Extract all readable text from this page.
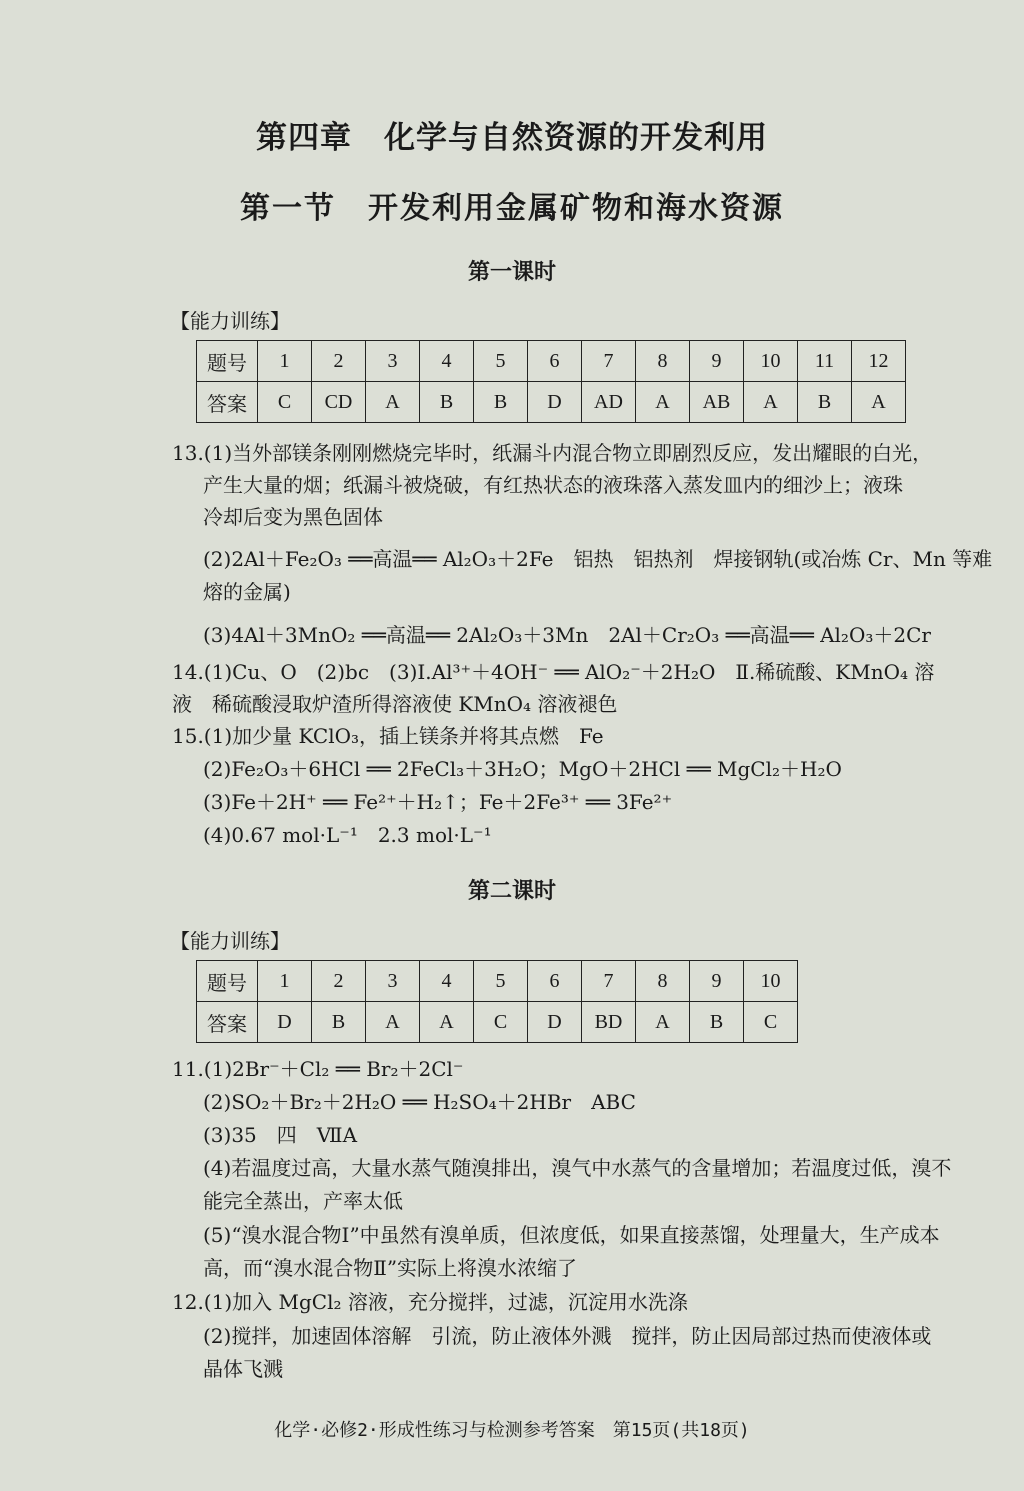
第四章　化学与自然资源的开发利用
第一节　开发利用金属矿物和海水资源
第一课时
【能力训练】
题号	1	2	3	4	5	6	7	8	9	10	11	12
答案	C	CD	A	B	B	D	AD	A	AB	A	B	A
13.(1)当外部镁条刚刚燃烧完毕时，纸漏斗内混合物立即剧烈反应，发出耀眼的白光，
产生大量的烟；纸漏斗被烧破，有红热状态的液珠落入蒸发皿内的细沙上；液珠
冷却后变为黑色固体
(2)2Al＋Fe₂O₃ ══高温══ Al₂O₃＋2Fe　铝热　铝热剂　焊接钢轨(或冶炼 Cr、Mn 等难
熔的金属)
(3)4Al＋3MnO₂ ══高温══ 2Al₂O₃＋3Mn　2Al＋Cr₂O₃ ══高温══ Al₂O₃＋2Cr
14.(1)Cu、O　(2)bc　(3)Ⅰ.Al³⁺＋4OH⁻ ══ AlO₂⁻＋2H₂O　Ⅱ.稀硫酸、KMnO₄ 溶
液　稀硫酸浸取炉渣所得溶液使 KMnO₄ 溶液褪色
15.(1)加少量 KClO₃，插上镁条并将其点燃　Fe
(2)Fe₂O₃＋6HCl ══ 2FeCl₃＋3H₂O；MgO＋2HCl ══ MgCl₂＋H₂O
(3)Fe＋2H⁺ ══ Fe²⁺＋H₂↑；Fe＋2Fe³⁺ ══ 3Fe²⁺
(4)0.67 mol·L⁻¹　2.3 mol·L⁻¹
第二课时
【能力训练】
题号	1	2	3	4	5	6	7	8	9	10
答案	D	B	A	A	C	D	BD	A	B	C
11.(1)2Br⁻＋Cl₂ ══ Br₂＋2Cl⁻
(2)SO₂＋Br₂＋2H₂O ══ H₂SO₄＋2HBr　ABC
(3)35　四　ⅦA
(4)若温度过高，大量水蒸气随溴排出，溴气中水蒸气的含量增加；若温度过低，溴不
能完全蒸出，产率太低
(5)“溴水混合物Ⅰ”中虽然有溴单质，但浓度低，如果直接蒸馏，处理量大，生产成本
高，而“溴水混合物Ⅱ”实际上将溴水浓缩了
12.(1)加入 MgCl₂ 溶液，充分搅拌，过滤，沉淀用水洗涤
(2)搅拌，加速固体溶解　引流，防止液体外溅　搅拌，防止因局部过热而使液体或
晶体飞溅
化学·必修2·形成性练习与检测参考答案　第15页(共18页)
